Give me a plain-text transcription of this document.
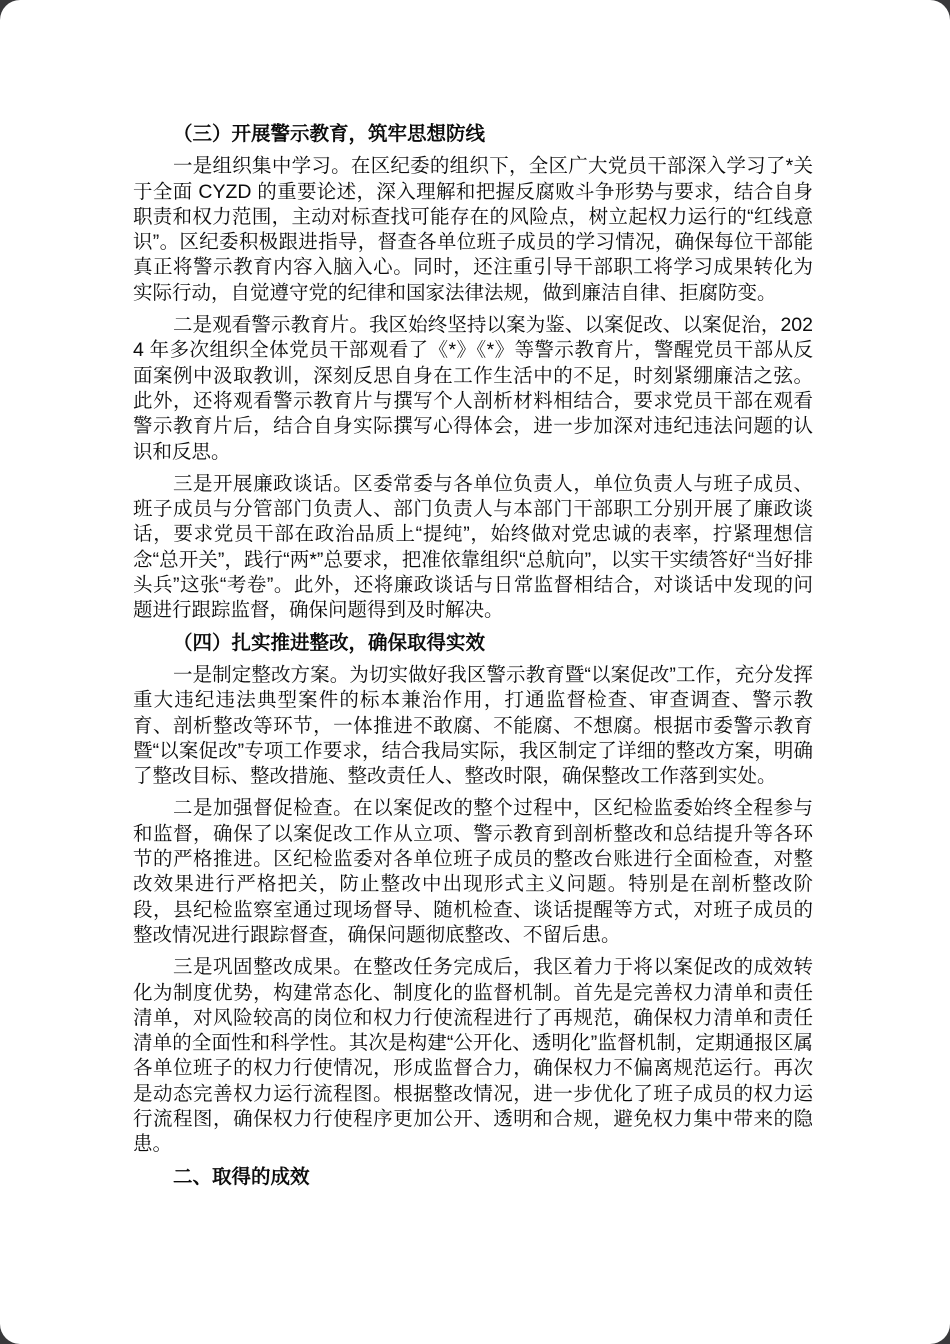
（三）开展警示教育，筑牢思想防线

一是组织集中学习。在区纪委的组织下，全区广大党员干部深入学习了*关于全面 CYZD 的重要论述，深入理解和把握反腐败斗争形势与要求，结合自身职责和权力范围，主动对标查找可能存在的风险点，树立起权力运行的“红线意识”。区纪委积极跟进指导，督查各单位班子成员的学习情况，确保每位干部能真正将警示教育内容入脑入心。同时，还注重引导干部职工将学习成果转化为实际行动，自觉遵守党的纪律和国家法律法规，做到廉洁自律、拒腐防变。

二是观看警示教育片。我区始终坚持以案为鉴、以案促改、以案促治，2024 年多次组织全体党员干部观看了《*》《*》等警示教育片，警醒党员干部从反面案例中汲取教训，深刻反思自身在工作生活中的不足，时刻紧绷廉洁之弦。此外，还将观看警示教育片与撰写个人剖析材料相结合，要求党员干部在观看警示教育片后，结合自身实际撰写心得体会，进一步加深对违纪违法问题的认识和反思。

三是开展廉政谈话。区委常委与各单位负责人，单位负责人与班子成员、班子成员与分管部门负责人、部门负责人与本部门干部职工分别开展了廉政谈话，要求党员干部在政治品质上“提纯”，始终做对党忠诚的表率，拧紧理想信念“总开关”，践行“两*”总要求，把准依靠组织“总航向”，以实干实绩答好“当好排头兵”这张“考卷”。此外，还将廉政谈话与日常监督相结合，对谈话中发现的问题进行跟踪监督，确保问题得到及时解决。

（四）扎实推进整改，确保取得实效

一是制定整改方案。为切实做好我区警示教育暨“以案促改”工作，充分发挥重大违纪违法典型案件的标本兼治作用，打通监督检查、审查调查、警示教育、剖析整改等环节，一体推进不敢腐、不能腐、不想腐。根据市委警示教育暨“以案促改”专项工作要求，结合我局实际，我区制定了详细的整改方案，明确了整改目标、整改措施、整改责任人、整改时限，确保整改工作落到实处。

二是加强督促检查。在以案促改的整个过程中，区纪检监委始终全程参与和监督，确保了以案促改工作从立项、警示教育到剖析整改和总结提升等各环节的严格推进。区纪检监委对各单位班子成员的整改台账进行全面检查，对整改效果进行严格把关，防止整改中出现形式主义问题。特别是在剖析整改阶段，县纪检监察室通过现场督导、随机检查、谈话提醒等方式，对班子成员的整改情况进行跟踪督查，确保问题彻底整改、不留后患。

三是巩固整改成果。在整改任务完成后，我区着力于将以案促改的成效转化为制度优势，构建常态化、制度化的监督机制。首先是完善权力清单和责任清单，对风险较高的岗位和权力行使流程进行了再规范，确保权力清单和责任清单的全面性和科学性。其次是构建“公开化、透明化”监督机制，定期通报区属各单位班子的权力行使情况，形成监督合力，确保权力不偏离规范运行。再次是动态完善权力运行流程图。根据整改情况，进一步优化了班子成员的权力运行流程图，确保权力行使程序更加公开、透明和合规，避免权力集中带来的隐患。

二、取得的成效
